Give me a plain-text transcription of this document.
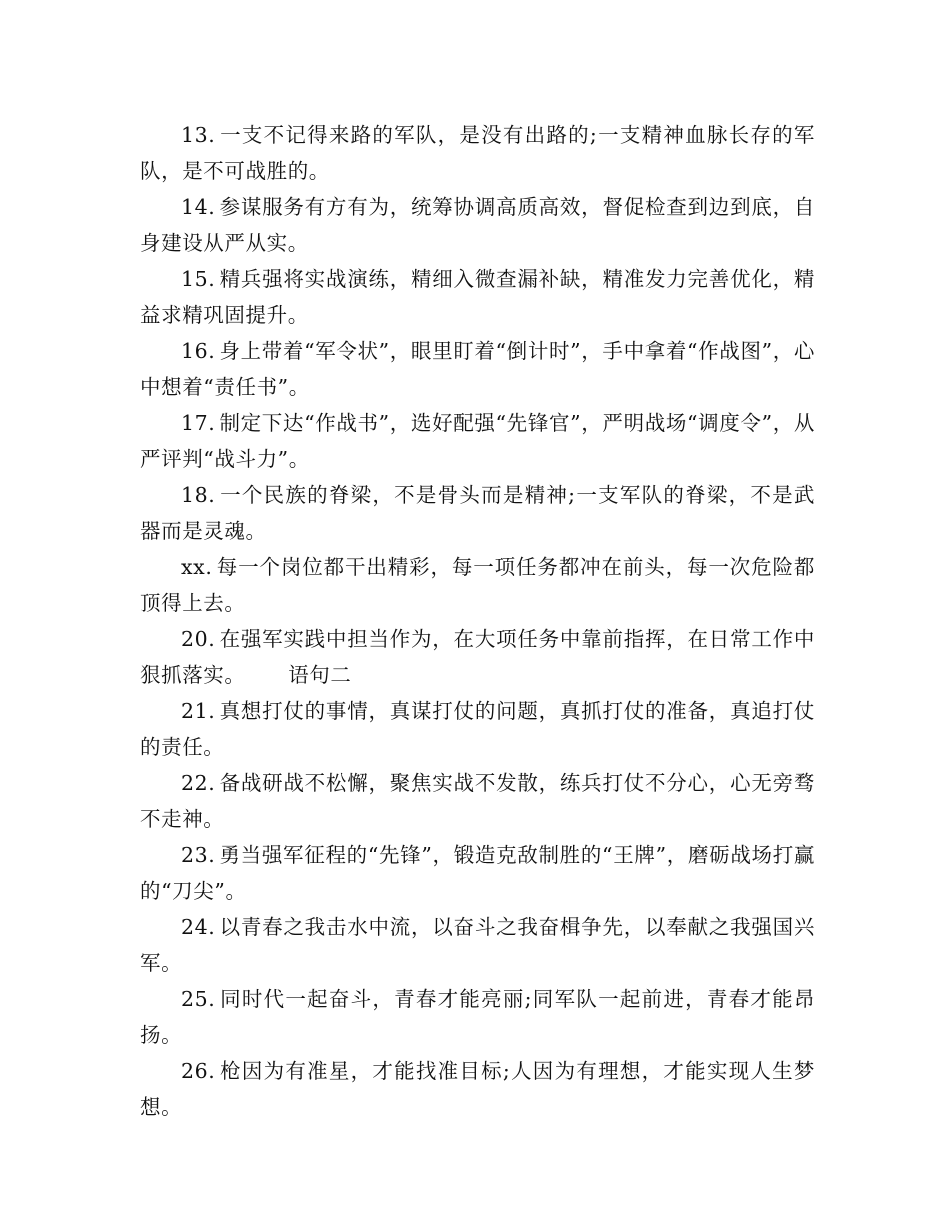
13. 一支不记得来路的军队，是没有出路的;一支精神血脉长存的军队，是不可战胜的。

14. 参谋服务有方有为，统筹协调高质高效，督促检查到边到底，自身建设从严从实。

15. 精兵强将实战演练，精细入微查漏补缺，精准发力完善优化，精益求精巩固提升。

16. 身上带着“军令状”，眼里盯着“倒计时”，手中拿着“作战图”，心中想着“责任书”。

17. 制定下达“作战书”，选好配强“先锋官”，严明战场“调度令”，从严评判“战斗力”。

18. 一个民族的脊梁，不是骨头而是精神;一支军队的脊梁，不是武器而是灵魂。

xx. 每一个岗位都干出精彩，每一项任务都冲在前头，每一次危险都顶得上去。

20. 在强军实践中担当作为，在大项任务中靠前指挥，在日常工作中狠抓落实。      语句二

21. 真想打仗的事情，真谋打仗的问题，真抓打仗的准备，真追打仗的责任。

22. 备战研战不松懈，聚焦实战不发散，练兵打仗不分心，心无旁骛不走神。

23. 勇当强军征程的“先锋”，锻造克敌制胜的“王牌”，磨砺战场打赢的“刀尖”。

24. 以青春之我击水中流，以奋斗之我奋楫争先，以奉献之我强国兴军。

25. 同时代一起奋斗，青春才能亮丽;同军队一起前进，青春才能昂扬。

26. 枪因为有准星，才能找准目标;人因为有理想，才能实现人生梦想。
